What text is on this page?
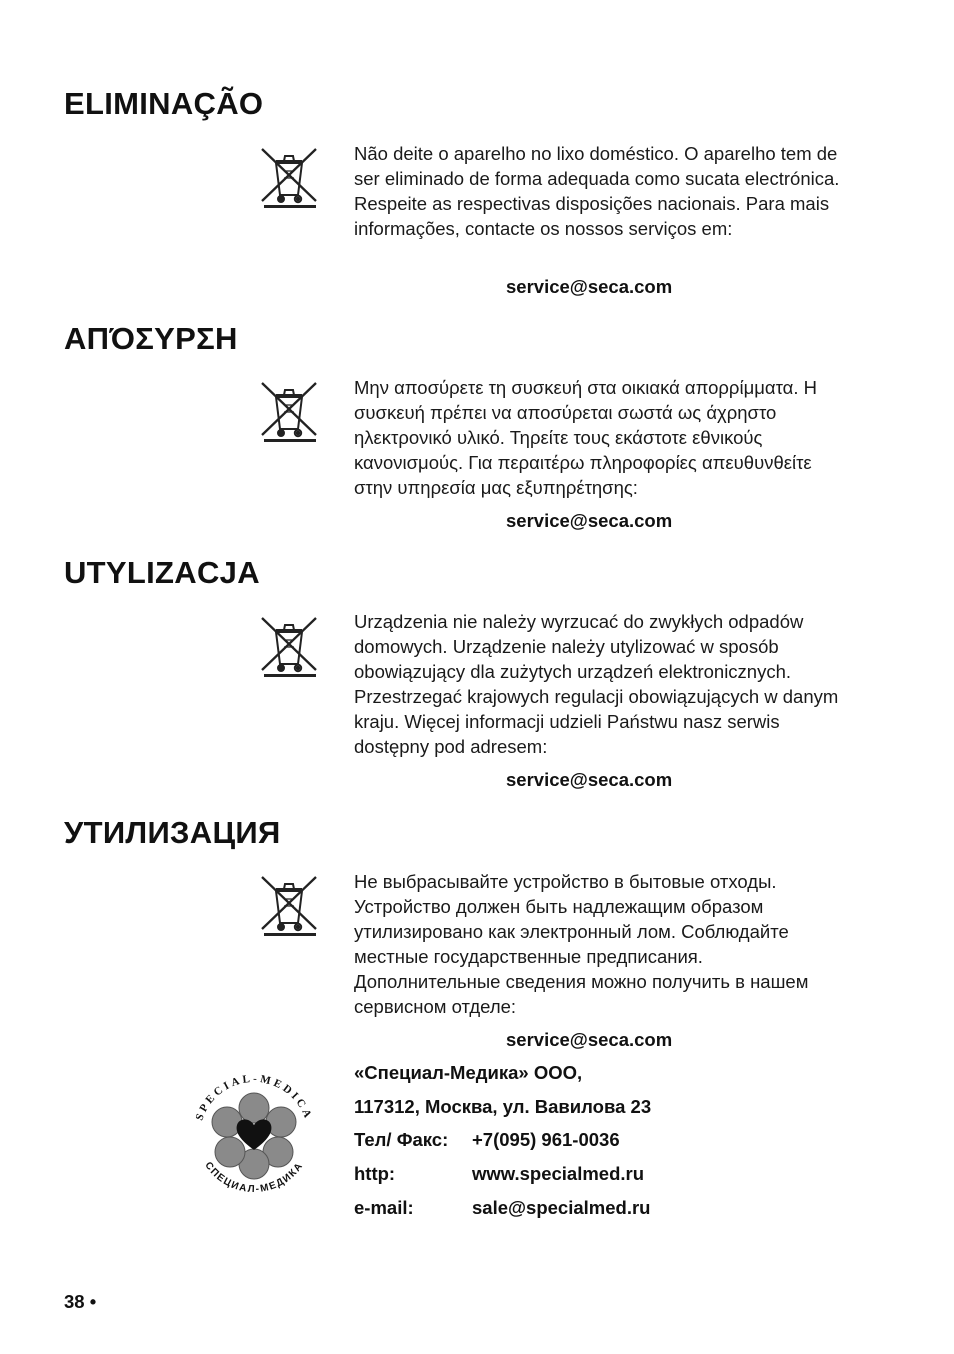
ELIMINAÇÃO

Não deite o aparelho no lixo doméstico. O aparelho tem de ser eliminado de forma adequada como sucata electrónica. Respeite as respectivas disposições nacionais. Para mais informações, contacte os nossos serviços em:

service@seca.com

ΑΠΌΣΥΡΣΗ

Μην αποσύρετε τη συσκευή στα οικιακά απορρίμματα. Η συσκευή πρέπει να αποσύρεται σωστά ως άχρηστο ηλεκτρονικό υλικό. Τηρείτε τους εκάστοτε εθνικούς κανονισμούς. Για περαιτέρω πληροφορίες απευθυνθείτε στην υπηρεσία μας εξυπηρέτησης:

service@seca.com

UTYLIZACJA

Urządzenia nie należy wyrzucać do zwykłych odpadów domowych. Urządzenie należy utylizować w sposób obowiązujący dla zużytych urządzeń elektronicznych. Przestrzegać krajowych regulacji obowiązujących w danym kraju. Więcej informacji udzieli Państwu nasz serwis dostępny pod adresem:

service@seca.com

УТИЛИЗАЦИЯ

Не выбрасывайте устройство в бытовые отходы. Устройство должен быть надлежащим образом утилизировано как электронный лом. Соблюдайте местные государственные предписания. Дополнительные сведения можно получить в нашем сервисном отделе:

service@seca.com

SPECIAL-MEDICA
СПЕЦИАЛ-МЕДИКА

«Специал-Медика» ООО,

117312, Москва, ул. Вавилова 23

Тел/ Факс: +7(095) 961-0036

http:	www.specialmed.ru

e-mail:	sale@specialmed.ru

38 •
